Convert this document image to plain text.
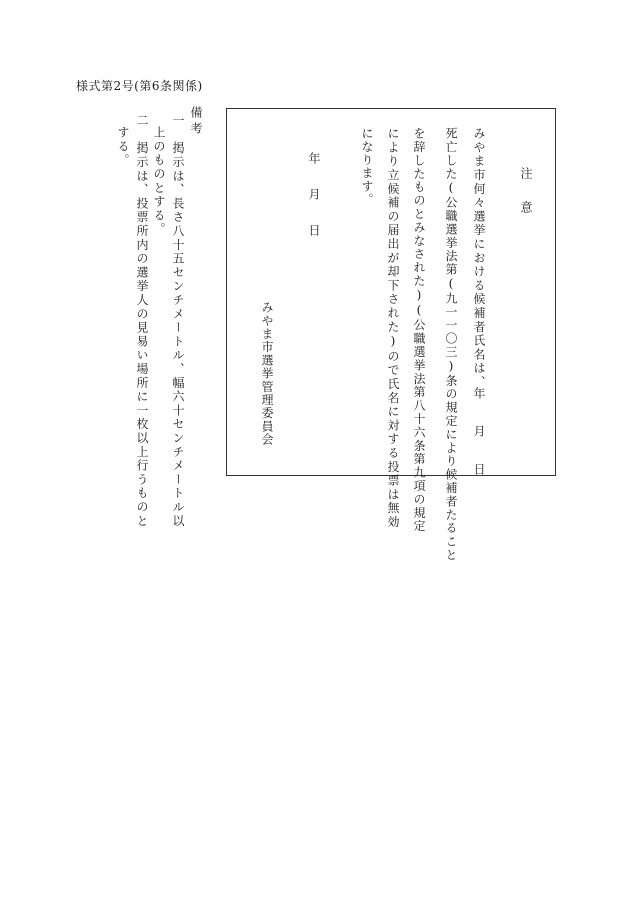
様式第2号(第6条関係)
注意
みやま市何々選挙における候補者氏名は、
年月日
死亡した(公職選挙法第(九一一〇三)条の規定により候補者たること
を辞したものとみなされた)(公職選挙法第八十六条第九項の規定
により立候補の届出が却下された)ので氏名に対する投票は無効
になります。
年月日
みやま市選挙管理委員会
備考
一　掲示は、長さ八十五センチメートル、幅六十センチメートル以
上のものとする。
二　掲示は、投票所内の選挙人の見易い場所に一枚以上行うものと
する。
